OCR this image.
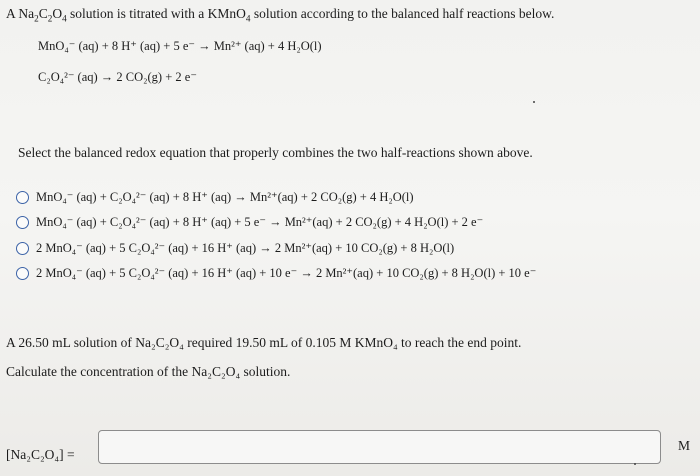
A $Na_2C_2O_4$ solution is titrated with a KMnO$_4$ solution according to the balanced half reactions below.
MnO₄⁻ (aq) + 8 H⁺ (aq) + 5 e⁻ → Mn²⁺ (aq) + 4 H₂O(l)
C₂O₄²⁻ (aq) → 2 CO₂(g) + 2 e⁻
Select the balanced redox equation that properly combines the two half-reactions shown above.
MnO₄⁻ (aq) + C₂O₄²⁻ (aq) + 8 H⁺ (aq) → Mn²⁺(aq) + 2 CO₂(g) + 4 H₂O(l)
MnO₄⁻ (aq) + C₂O₄²⁻ (aq) + 8 H⁺ (aq) + 5 e⁻ → Mn²⁺(aq) + 2 CO₂(g) + 4 H₂O(l) + 2 e⁻
2 MnO₄⁻ (aq) + 5 C₂O₄²⁻ (aq) + 16 H⁺ (aq) → 2 Mn²⁺(aq) + 10 CO₂(g) + 8 H₂O(l)
2 MnO₄⁻ (aq) + 5 C₂O₄²⁻ (aq) + 16 H⁺ (aq) + 10 e⁻ → 2 Mn²⁺(aq) + 10 CO₂(g) + 8 H₂O(l) + 10 e⁻
A 26.50 mL solution of Na₂C₂O₄ required 19.50 mL of 0.105 M KMnO₄ to reach the end point.
Calculate the concentration of the Na₂C₂O₄ solution.
[Na₂C₂O₄] =
M
